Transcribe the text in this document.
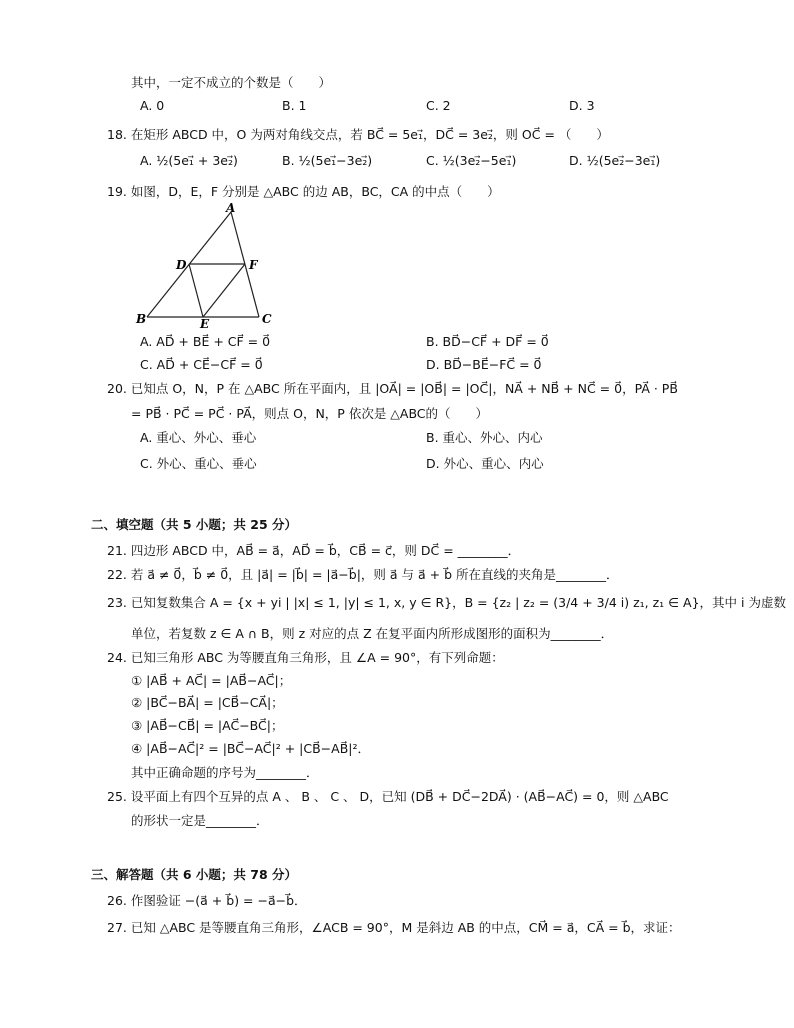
其中，一定不成立的个数是（　　）
A. 0	B. 1	C. 2	D. 3
18. 在矩形 ABCD 中，O 为两对角线交点，若 BC⃗ = 5e₁⃗，DC⃗ = 3e₂⃗，则 OC⃗ = （　　）
A. ½(5e₁⃗ + 3e₂⃗)	B. ½(5e₁⃗−3e₂⃗)	C. ½(3e₂⃗−5e₁⃗)	D. ½(5e₂⃗−3e₁⃗)
19. 如图，D，E，F 分别是 △ABC 的边 AB，BC，CA 的中点（　　）
A
B	C
D
E
F
A. AD⃗ + BE⃗ + CF⃗ = 0⃗	B. BD⃗−CF⃗ + DF⃗ = 0⃗
C. AD⃗ + CE⃗−CF⃗ = 0⃗	D. BD⃗−BE⃗−FC⃗ = 0⃗
20. 已知点 O，N，P 在 △ABC 所在平面内，且 |OA⃗| = |OB⃗| = |OC⃗|，NA⃗ + NB⃗ + NC⃗ = 0⃗，PA⃗ · PB⃗
= PB⃗ · PC⃗ = PC⃗ · PA⃗，则点 O，N，P 依次是 △ABC的（　　）
A. 重心、外心、垂心	B. 重心、外心、内心
C. 外心、重心、垂心	D. 外心、重心、内心
二、填空题（共 5 小题；共 25 分）
21. 四边形 ABCD 中，AB⃗ = a⃗，AD⃗ = b⃗，CB⃗ = c⃗，则 DC⃗ = ________．
22. 若 a⃗ ≠ 0⃗，b⃗ ≠ 0⃗，且 |a⃗| = |b⃗| = |a⃗−b⃗|，则 a⃗ 与 a⃗ + b⃗ 所在直线的夹角是________．
23. 已知复数集合 A = {x + yi | |x| ≤ 1, |y| ≤ 1, x, y ∈ R}，B = {z₂ | z₂ = (3/4 + 3/4 i) z₁, z₁ ∈ A}，其中 i 为虚数
单位，若复数 z ∈ A ∩ B，则 z 对应的点 Z 在复平面内所形成图形的面积为________．
24. 已知三角形 ABC 为等腰直角三角形，且 ∠A = 90°，有下列命题：
① |AB⃗ + AC⃗| = |AB⃗−AC⃗|；
② |BC⃗−BA⃗| = |CB⃗−CA⃗|；
③ |AB⃗−CB⃗| = |AC⃗−BC⃗|；
④ |AB⃗−AC⃗|² = |BC⃗−AC⃗|² + |CB⃗−AB⃗|²．
其中正确命题的序号为________．
25. 设平面上有四个互异的点 A 、 B 、 C 、 D，已知 (DB⃗ + DC⃗−2DA⃗) · (AB⃗−AC⃗) = 0，则 △ABC
的形状一定是________．
三、解答题（共 6 小题；共 78 分）
26. 作图验证 −(a⃗ + b⃗) = −a⃗−b⃗．
27. 已知 △ABC 是等腰直角三角形，∠ACB = 90°，M 是斜边 AB 的中点，CM⃗ = a⃗，CA⃗ = b⃗，求证：
